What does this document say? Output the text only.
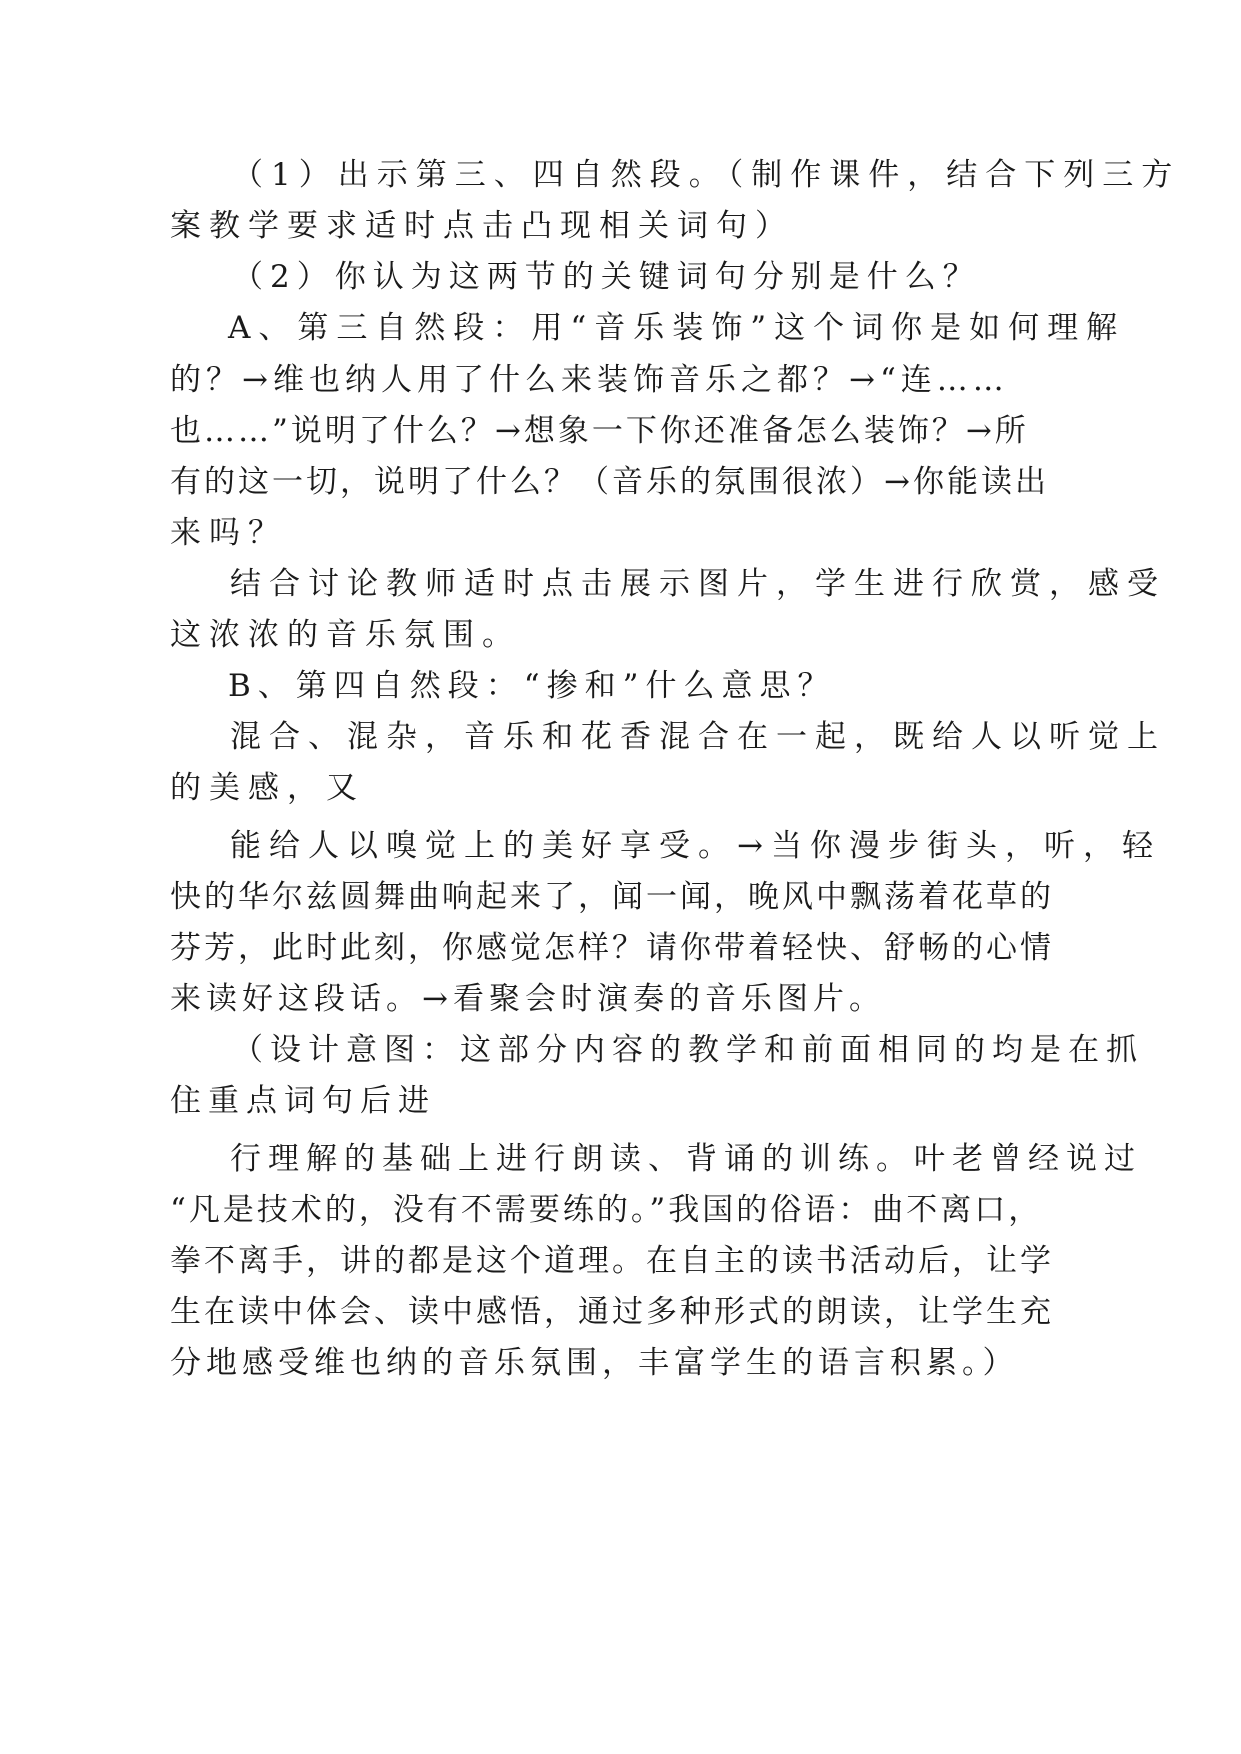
（1）出示第三、四自然段。（制作课件，结合下列三方

案教学要求适时点击凸现相关词句）

（2）你认为这两节的关键词句分别是什么？

A、第三自然段：用“音乐装饰”这个词你是如何理解

的？→维也纳人用了什么来装饰音乐之都？→“连……

也……”说明了什么？→想象一下你还准备怎么装饰？→所

有的这一切，说明了什么？（音乐的氛围很浓）→你能读出

来吗？

结合讨论教师适时点击展示图片，学生进行欣赏，感受

这浓浓的音乐氛围。

B、第四自然段：“掺和”什么意思？

混合、混杂，音乐和花香混合在一起，既给人以听觉上

的美感，又

能给人以嗅觉上的美好享受。→当你漫步街头，听，轻

快的华尔兹圆舞曲响起来了，闻一闻，晚风中飘荡着花草的

芬芳，此时此刻，你感觉怎样？请你带着轻快、舒畅的心情

来读好这段话。→看聚会时演奏的音乐图片。

（设计意图：这部分内容的教学和前面相同的均是在抓

住重点词句后进

行理解的基础上进行朗读、背诵的训练。叶老曾经说过

“凡是技术的，没有不需要练的。”我国的俗语：曲不离口，

拳不离手，讲的都是这个道理。在自主的读书活动后，让学

生在读中体会、读中感悟，通过多种形式的朗读，让学生充

分地感受维也纳的音乐氛围，丰富学生的语言积累。）
